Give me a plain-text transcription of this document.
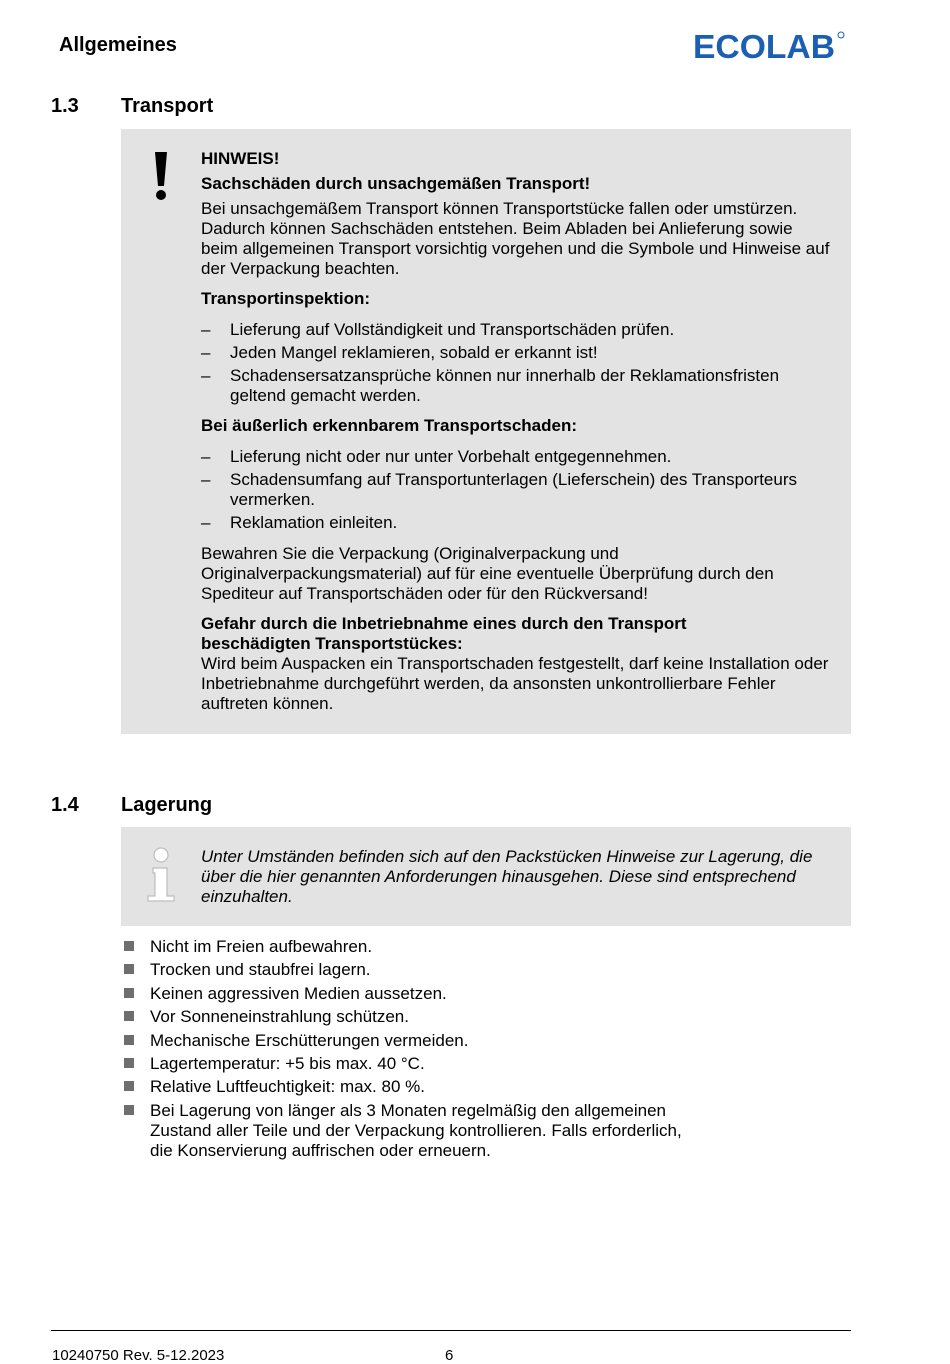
Allgemeines	ECOLAB
1.3 Transport
HINWEIS!
Sachschäden durch unsachgemäßen Transport!
Bei unsachgemäßem Transport können Transportstücke fallen oder umstürzen. Dadurch können Sachschäden entstehen. Beim Abladen bei Anlieferung sowie beim allgemeinen Transport vorsichtig vorgehen und die Symbole und Hinweise auf der Verpackung beachten.
Transportinspektion:
– Lieferung auf Vollständigkeit und Transportschäden prüfen.
– Jeden Mangel reklamieren, sobald er erkannt ist!
– Schadensersatzansprüche können nur innerhalb der Reklamationsfristen geltend gemacht werden.
Bei äußerlich erkennbarem Transportschaden:
– Lieferung nicht oder nur unter Vorbehalt entgegennehmen.
– Schadensumfang auf Transportunterlagen (Lieferschein) des Transporteurs vermerken.
– Reklamation einleiten.
Bewahren Sie die Verpackung (Originalverpackung und Originalverpackungsmaterial) auf für eine eventuelle Überprüfung durch den Spediteur auf Transportschäden oder für den Rückversand!
Gefahr durch die Inbetriebnahme eines durch den Transport beschädigten Transportstückes:
Wird beim Auspacken ein Transportschaden festgestellt, darf keine Installation oder Inbetriebnahme durchgeführt werden, da ansonsten unkontrollierbare Fehler auftreten können.
1.4 Lagerung
Unter Umständen befinden sich auf den Packstücken Hinweise zur Lagerung, die über die hier genannten Anforderungen hinausgehen. Diese sind entsprechend einzuhalten.
Nicht im Freien aufbewahren.
Trocken und staubfrei lagern.
Keinen aggressiven Medien aussetzen.
Vor Sonneneinstrahlung schützen.
Mechanische Erschütterungen vermeiden.
Lagertemperatur: +5 bis max. 40 °C.
Relative Luftfeuchtigkeit: max. 80 %.
Bei Lagerung von länger als 3 Monaten regelmäßig den allgemeinen Zustand aller Teile und der Verpackung kontrollieren. Falls erforderlich, die Konservierung auffrischen oder erneuern.
10240750 Rev. 5-12.2023	6
